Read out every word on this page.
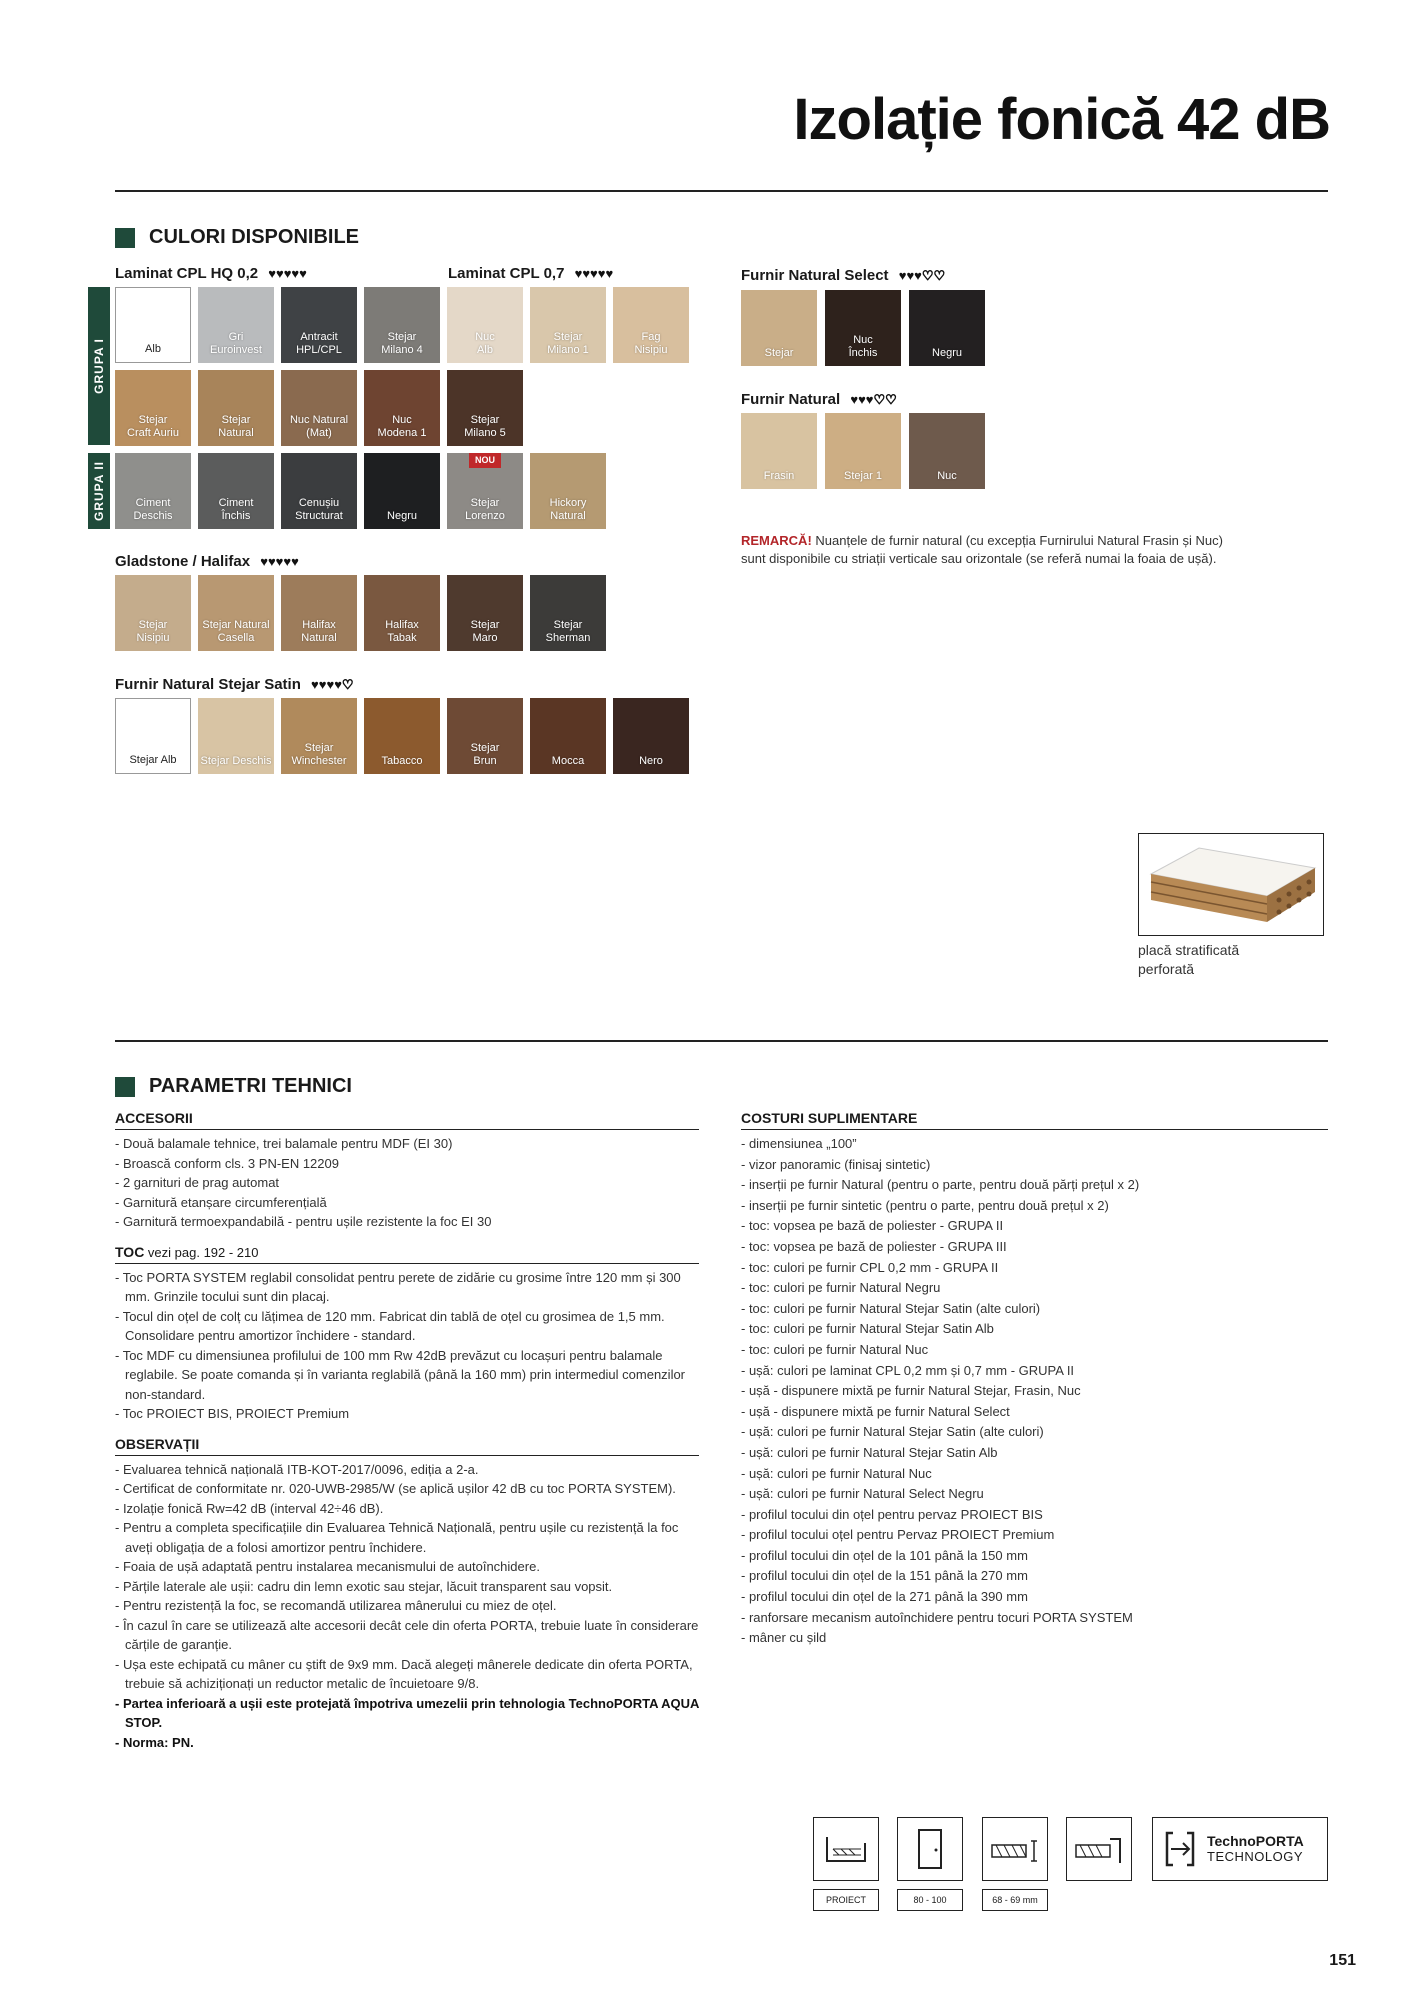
Izolație fonică 42 dB
CULORI DISPONIBILE
Laminat CPL HQ 0,2 ♥♥♥♥♥	Laminat CPL 0,7 ♥♥♥♥♥
GRUPA I
GRUPA II
Alb
Gri
Euroinvest
Antracit
HPL/CPL
Stejar
Milano 4
Nuc
Alb
Stejar
Milano 1
Fag
Nisipiu
Stejar
Craft Auriu
Stejar
Natural
Nuc Natural
(Mat)
Nuc
Modena 1
Stejar
Milano 5
Ciment
Deschis
Ciment
Închis
Cenușiu
Structurat	Negru
Stejar
Lorenzo
NOU
Hickory
Natural
Gladstone / Halifax ♥♥♥♥♥
Stejar
Nisipiu
Stejar Natural
Casella
Halifax
Natural
Halifax
Tabak
Stejar
Maro
Stejar
Sherman
Furnir Natural Stejar Satin ♥♥♥♥♡
Stejar Alb Stejar Deschis
Stejar
Winchester	Tabacco
Stejar
Brun	Mocca	Nero
Furnir Natural Select ♥♥♥♡♡
Stejar
Nuc
Închis	Negru
Furnir Natural ♥♥♥♡♡
Frasin	Stejar 1	Nuc
REMARCĂ! Nuanțele de furnir natural (cu excepția Furnirului Natural Frasin și Nuc) sunt disponibile cu striații verticale sau orizontale (se referă numai la foaia de ușă).
placă stratificată
perforată
PARAMETRI TEHNICI
ACCESORII
- Două balamale tehnice, trei balamale pentru MDF (EI 30)
- Broască conform cls. 3 PN-EN 12209
- 2 garnituri de prag automat
- Garnitură etanșare circumferențială
- Garnitură termoexpandabilă - pentru ușile rezistente la foc EI 30
TOC vezi pag. 192 - 210
- Toc PORTA SYSTEM reglabil consolidat pentru perete de zidărie cu grosime între 120 mm și 300 mm. Grinzile tocului sunt din placaj.
- Tocul din oțel de colț cu lățimea de 120 mm. Fabricat din tablă de oțel cu grosimea de 1,5 mm. Consolidare pentru amortizor închidere - standard.
- Toc MDF cu dimensiunea profilului de 100 mm Rw 42dB prevăzut cu locașuri pentru balamale reglabile. Se poate comanda și în varianta reglabilă (până la 160 mm) prin intermediul comenzilor non-standard.
- Toc PROIECT BIS, PROIECT Premium
OBSERVAȚII
- Evaluarea tehnică națională ITB-KOT-2017/0096, ediția a 2-a.
- Certificat de conformitate nr. 020-UWB-2985/W (se aplică ușilor 42 dB cu toc PORTA SYSTEM).
- Izolație fonică Rw=42 dB (interval 42÷46 dB).
- Pentru a completa specificațiile din Evaluarea Tehnică Națională, pentru ușile cu rezistență la foc aveți obligația de a folosi amortizor pentru închidere.
- Foaia de ușă adaptată pentru instalarea mecanismului de autoînchidere.
- Părțile laterale ale ușii: cadru din lemn exotic sau stejar, lăcuit transparent sau vopsit.
- Pentru rezistență la foc, se recomandă utilizarea mânerului cu miez de oțel.
- În cazul în care se utilizează alte accesorii decât cele din oferta PORTA, trebuie luate în considerare cărțile de garanție.
- Ușa este echipată cu mâner cu știft de 9x9 mm. Dacă alegeți mânerele dedicate din oferta PORTA, trebuie să achiziționați un reductor metalic de încuietoare 9/8.
- Partea inferioară a ușii este protejată împotriva umezelii prin tehnologia TechnoPORTA AQUA STOP.
- Norma: PN.
COSTURI SUPLIMENTARE
- dimensiunea „100”
- vizor panoramic (finisaj sintetic)
- inserții pe furnir Natural (pentru o parte, pentru două părți prețul x 2)
- inserții pe furnir sintetic (pentru o parte, pentru două prețul x 2)
- toc: vopsea pe bază de poliester - GRUPA II
- toc: vopsea pe bază de poliester - GRUPA III
- toc: culori pe furnir CPL 0,2 mm - GRUPA II
- toc: culori pe furnir Natural Negru
- toc: culori pe furnir Natural Stejar Satin (alte culori)
- toc: culori pe furnir Natural Stejar Satin Alb
- toc: culori pe furnir Natural Nuc
- ușă: culori pe laminat CPL 0,2 mm și 0,7 mm - GRUPA II
- ușă - dispunere mixtă pe furnir Natural Stejar, Frasin, Nuc
- ușă - dispunere mixtă pe furnir Natural Select
- ușă: culori pe furnir Natural Stejar Satin (alte culori)
- ușă: culori pe furnir Natural Stejar Satin Alb
- ușă: culori pe furnir Natural Nuc
- ușă: culori pe furnir Natural Select Negru
- profilul tocului din oțel pentru pervaz PROIECT BIS
- profilul tocului oțel pentru Pervaz PROIECT Premium
- profilul tocului din oțel de la 101 până la 150 mm
- profilul tocului din oțel de la 151 până la 270 mm
- profilul tocului din oțel de la 271 până la 390 mm
- ranforsare mecanism autoînchidere pentru tocuri PORTA SYSTEM
- mâner cu șild
PROIECT	80 - 100	68 - 69 mm
TechnoPORTA
TECHNOLOGY
151
